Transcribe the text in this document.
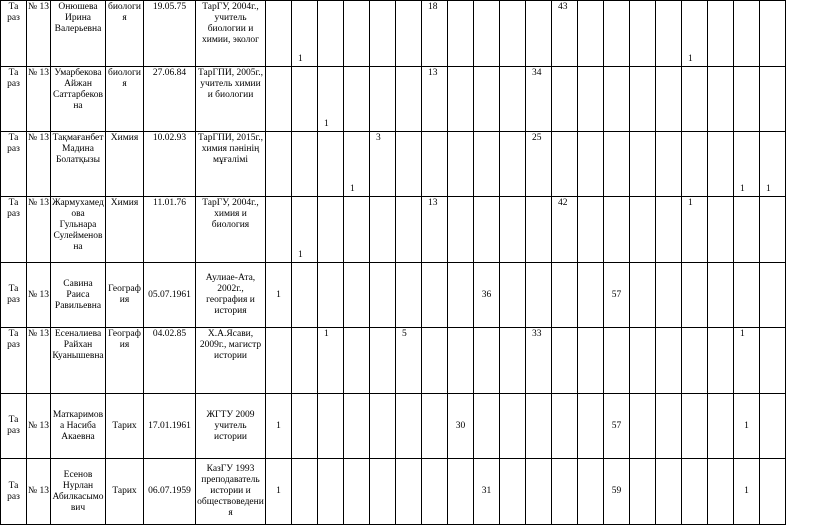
Та раз	№ 13	Онюшева Ирина Валерьевна	биология	19.05.75	ТарГУ, 2004г., учитель биологии и химии, эколог		1					18					43					1			
Та раз	№ 13	Умарбекова Айжан Саттарбековна	биология	27.06.84	ТарГПИ, 2005г., учитель химии и биологии			1				13				34									
Та раз	№ 13	Тақмағанбет Мадина Болатқызы	Химия	10.02.93	ТарГПИ, 2015г., химия пәнінің мұғалімі				1	3						25								1	1
Та раз	№ 13	Жармухамедова Гульнара Сулейменовна	Химия	11.01.76	ТарГУ, 2004г., химия и биология		1					13					42					1			
Та раз	№ 13	Савина Раиса Равильевна	География	05.07.1961	Аулиае-Ата, 2002г., география и история	1								36					57						
Та раз	№ 13	Есеналиева Райхан Куанышевна	География	04.02.85	Х.А.Ясави, 2009г., магистр истории			1			5					33								1	
Та раз	№ 13	Маткаримова Насиба Акаевна	Тарих	17.01.1961	ЖГТУ 2009 учитель истории	1							30						57					1	
Та раз	№ 13	Есенов Нурлан Абилкасымович	Тарих	06.07.1959	КазГУ 1993 преподаватель истории и обществоведения	1								31					59					1	
